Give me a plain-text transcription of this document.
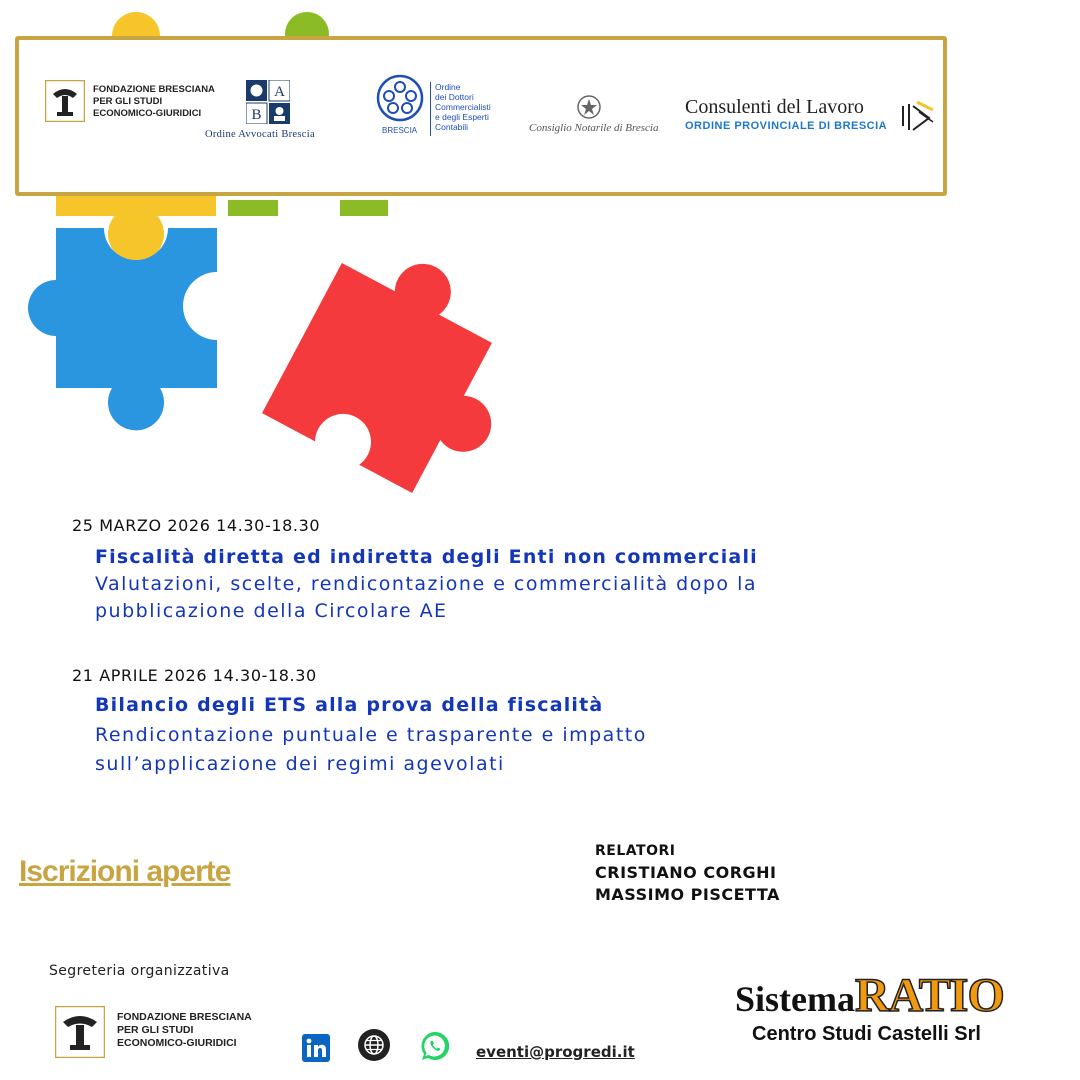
FONDAZIONE BRESCIANA
PER GLI STUDI
ECONOMICO-GIURIDICI
A
B
Ordine Avvocati Brescia	BRESCIA
Ordine
dei Dottori
Commercialisti
e degli Esperti
Contabili	Consiglio Notarile di Brescia
Consulenti del Lavoro
ORDINE PROVINCIALE DI BRESCIA
25 MARZO 2026 14.30-18.30
Fiscalità diretta ed indiretta degli Enti non commerciali
Valutazioni, scelte, rendicontazione e commercialità dopo la
pubblicazione della Circolare AE
21 APRILE 2026 14.30-18.30
Bilancio degli ETS alla prova della fiscalità
Rendicontazione puntuale e trasparente e impatto
sull’applicazione dei regimi agevolati
Iscrizioni aperte
RELATORI
CRISTIANO CORGHI
MASSIMO PISCETTA
Segreteria organizzativa
FONDAZIONE BRESCIANA
PER GLI STUDI
ECONOMICO-GIURIDICI	eventi@progredi.it
SistemaRATIO
Centro Studi Castelli Srl
